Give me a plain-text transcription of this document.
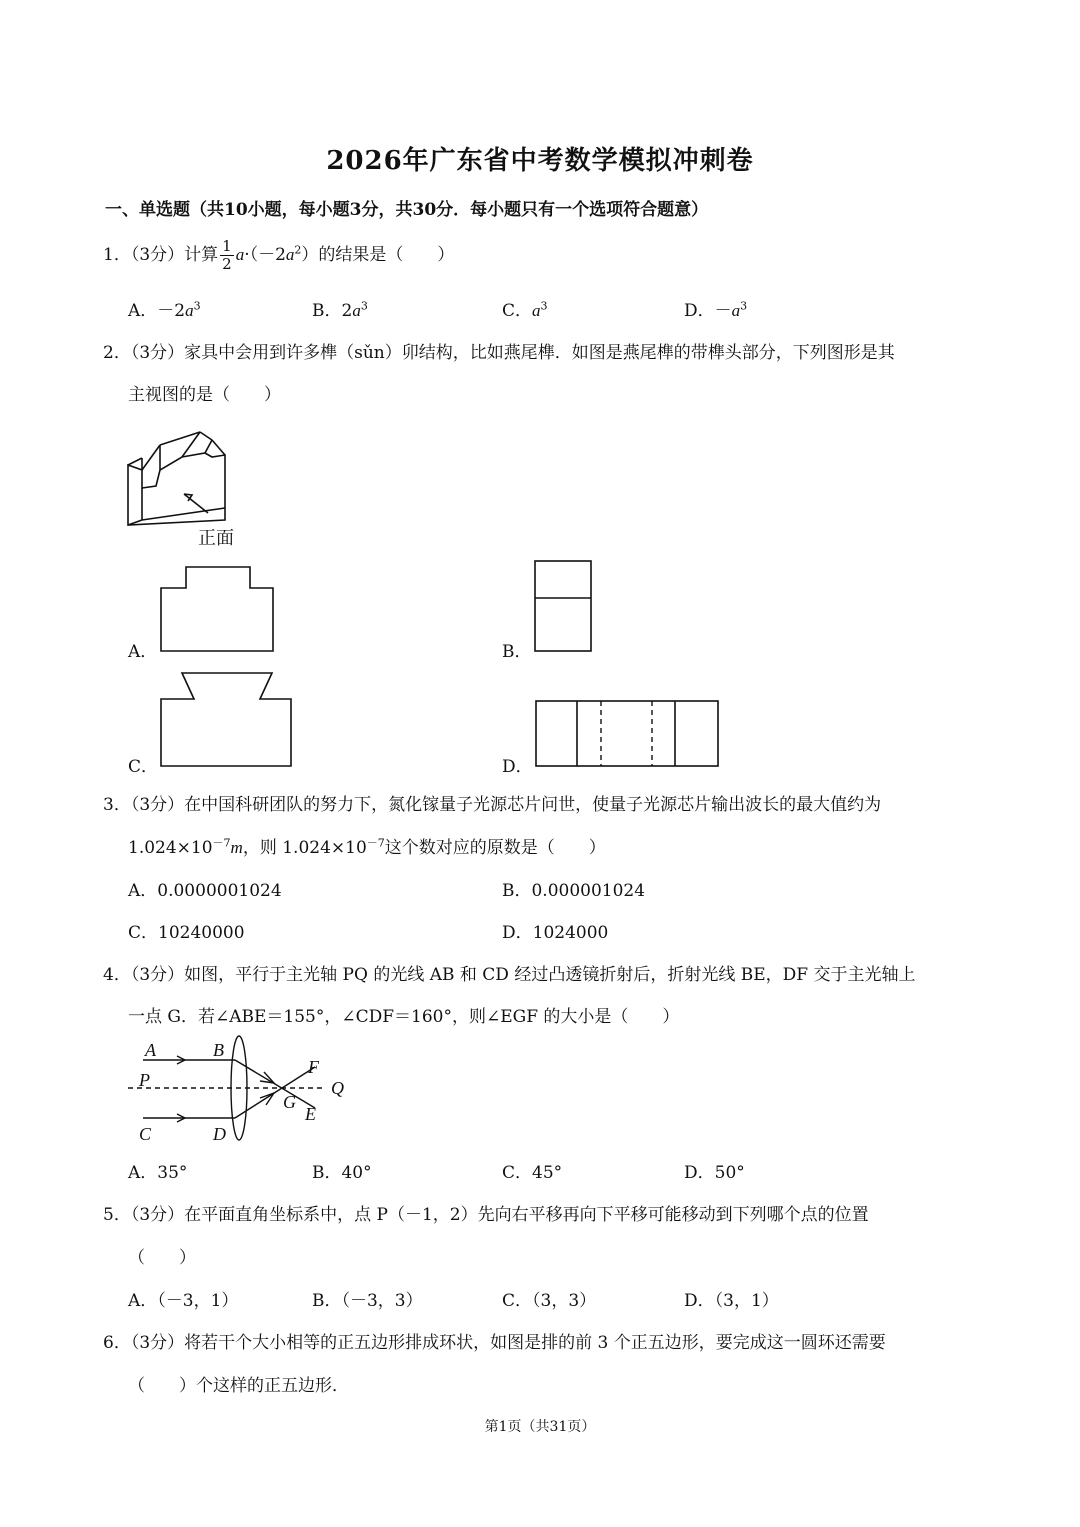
2026年广东省中考数学模拟冲刺卷
一、单选题（共10小题，每小题3分，共30分．每小题只有一个选项符合题意）
1．（3分）计算 $\frac{1}{2} a\cdot(-2a^2)$的结果是（　　）
A．$-2a^3$	B．$2a^3$	C．$a^3$	D．$-a^3$
2．（3分）家具中会用到许多榫（sǔn）卯结构，比如燕尾榫．如图是燕尾榫的带榫头部分，下列图形是其
主视图的是（　　）
正面
A．	B．
C．	D．
3．（3分）在中国科研团队的努力下，氮化镓量子光源芯片问世，使量子光源芯片输出波长的最大值约为
$1.024\times 10^{-7}m$，则 $1.024\times 10^{-7}$这个数对应的原数是（　　）
A．0.0000001024	B．0.000001024
C．10240000	D．1024000
4．（3分）如图，平行于主光轴 PQ 的光线 AB 和 CD 经过凸透镜折射后，折射光线 BE，DF 交于主光轴上
一点 G．若∠ABE＝155°，∠CDF＝160°，则∠EGF 的大小是（　　）
A	B
P
F
Q
G
E
C	D
A．35°	B．40°	C．45°	D．50°
5．（3分）在平面直角坐标系中，点 P（－1，2）先向右平移再向下平移可能移动到下列哪个点的位置
（　　）
A．（－3，1）	B．（－3，3）	C．（3，3）	D．（3，1）
6．（3分）将若干个大小相等的正五边形排成环状，如图是排的前 3 个正五边形，要完成这一圆环还需要
（　　）个这样的正五边形．
第1页（共31页）
